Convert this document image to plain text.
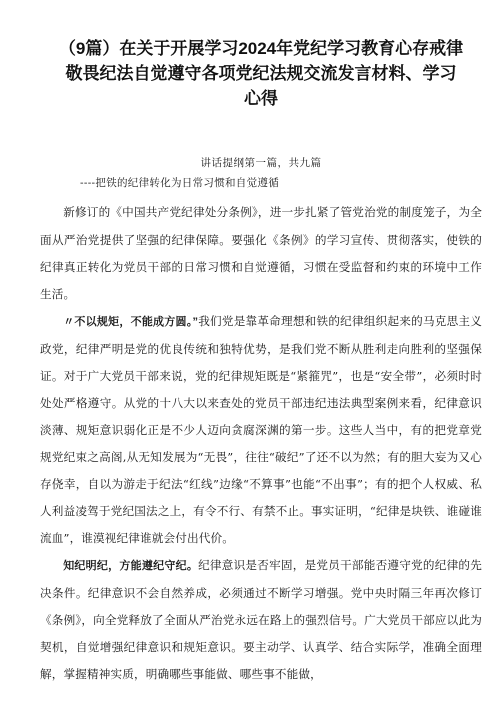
（9篇）在关于开展学习2024年党纪学习教育心存戒律敬畏纪法自觉遵守各项党纪法规交流发言材料、学习心得
讲话提纲第一篇，共九篇
----把铁的纪律转化为日常习惯和自觉遵循

新修订的《中国共产党纪律处分条例》，进一步扎紧了管党治党的制度笼子，为全面从严治党提供了坚强的纪律保障。要强化《条例》的学习宣传、贯彻落实，使铁的纪律真正转化为党员干部的日常习惯和自觉遵循，习惯在受监督和约束的环境中工作生活。

〃不以规矩，不能成方圆。”我们党是靠革命理想和铁的纪律组织起来的马克思主义政党，纪律严明是党的优良传统和独特优势，是我们党不断从胜利走向胜利的坚强保证。对于广大党员干部来说，党的纪律规矩既是“紧箍咒”，也是“安全带”，必须时时处处严格遵守。从党的十八大以来查处的党员干部违纪违法典型案例来看，纪律意识淡薄、规矩意识弱化正是不少人迈向贪腐深渊的第一步。这些人当中，有的把党章党规党纪束之高阁,从无知发展为“无畏”，往往“破纪”了还不以为然；有的胆大妄为又心存侥幸，自以为游走于纪法“红线”边缘“不算事”也能“不出事”；有的把个人权威、私人利益凌驾于党纪国法之上，有令不行、有禁不止。事实证明，“纪律是块铁、谁碰谁流血”，谁漠视纪律谁就会付出代价。

知纪明纪，方能遵纪守纪。纪律意识是否牢固，是党员干部能否遵守党的纪律的先决条件。纪律意识不会自然养成，必须通过不断学习增强。党中央时隔三年再次修订《条例》，向全党释放了全面从严治党永远在路上的强烈信号。广大党员干部应以此为契机，自觉增强纪律意识和规矩意识。要主动学、认真学、结合实际学，准确全面理解，掌握精神实质，明确哪些事能做、哪些事不能做，
